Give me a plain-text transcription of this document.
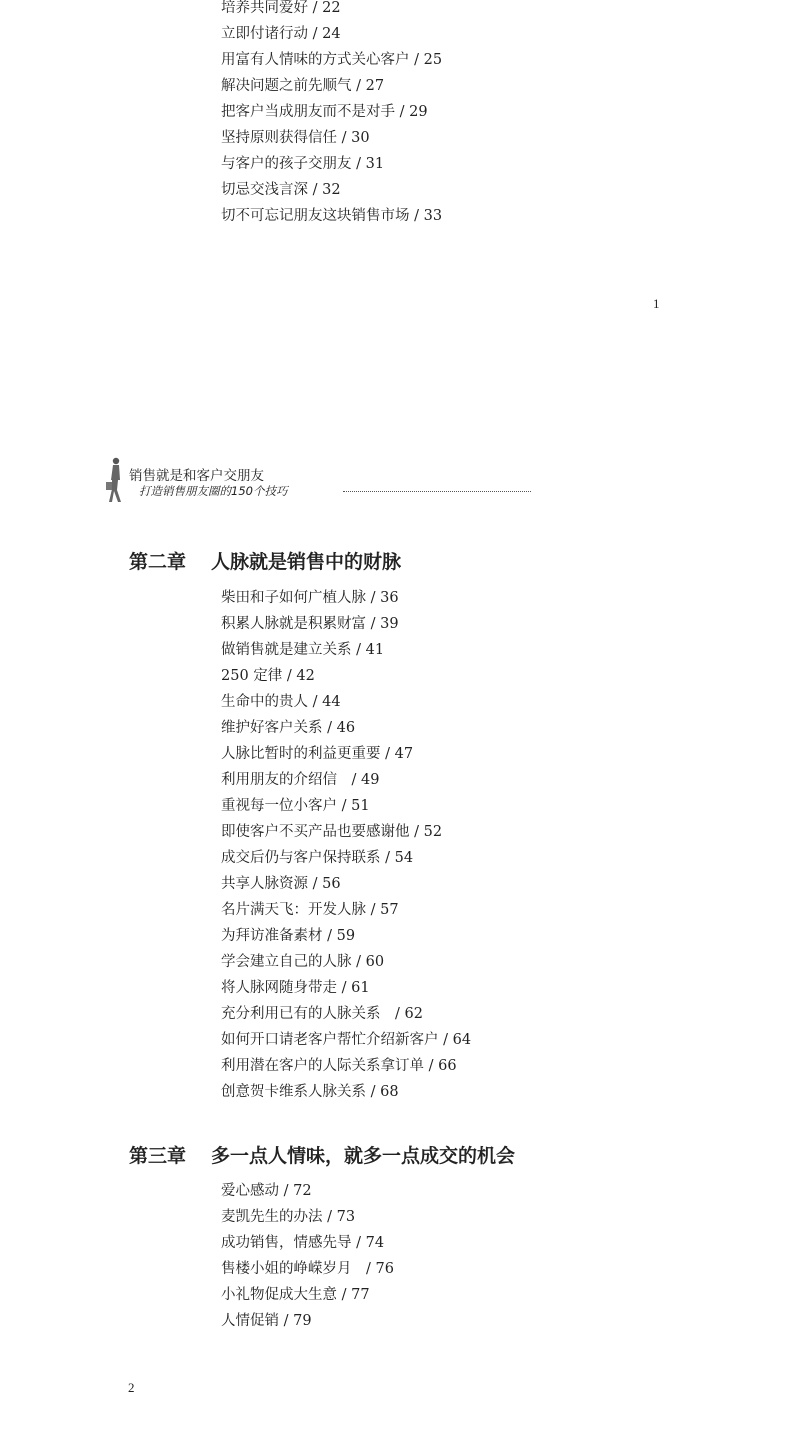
培养共同爱好 / 22
立即付诸行动 / 24
用富有人情味的方式关心客户 / 25
解决问题之前先顺气 / 27
把客户当成朋友而不是对手 / 29
坚持原则获得信任 / 30
与客户的孩子交朋友 / 31
切忌交浅言深 / 32
切不可忘记朋友这块销售市场 / 33
1
销售就是和客户交朋友
打造销售朋友圈的150个技巧
第二章 人脉就是销售中的财脉
柴田和子如何广植人脉 / 36
积累人脉就是积累财富 / 39
做销售就是建立关系 / 41
250 定律 / 42
生命中的贵人 / 44
维护好客户关系 / 46
人脉比暂时的利益更重要 / 47
利用朋友的介绍信　/ 49
重视每一位小客户 / 51
即使客户不买产品也要感谢他 / 52
成交后仍与客户保持联系 / 54
共享人脉资源 / 56
名片满天飞：开发人脉 / 57
为拜访准备素材 / 59
学会建立自己的人脉 / 60
将人脉网随身带走 / 61
充分利用已有的人脉关系　/ 62
如何开口请老客户帮忙介绍新客户 / 64
利用潜在客户的人际关系拿订单 / 66
创意贺卡维系人脉关系 / 68
第三章 多一点人情味，就多一点成交的机会
爱心感动 / 72
麦凯先生的办法 / 73
成功销售，情感先导 / 74
售楼小姐的峥嵘岁月　/ 76
小礼物促成大生意 / 77
人情促销 / 79
2
